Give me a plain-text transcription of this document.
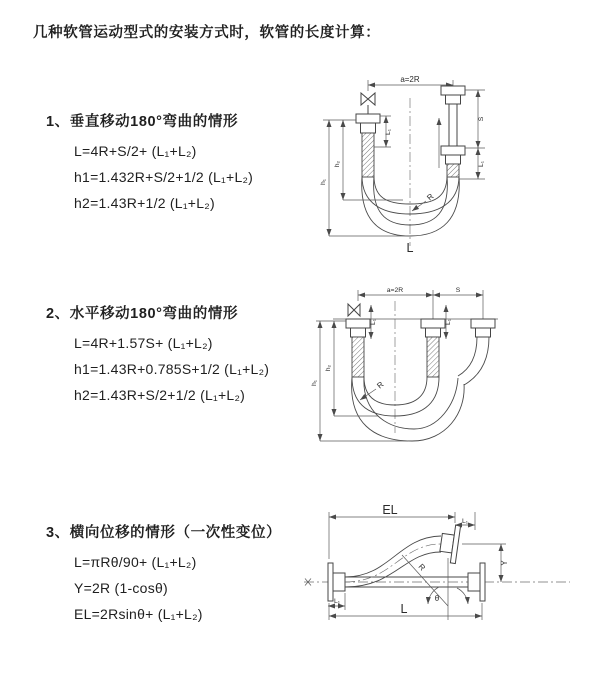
几种软管运动型式的安装方式时，软管的长度计算：
1、垂直移动180°弯曲的情形
L=4R+S/2+ (L₁+L₂)
h1=1.432R+S/2+1/2 (L₁+L₂)
h2=1.43R+1/2 (L₁+L₂)
2、水平移动180°弯曲的情形
L=4R+1.57S+ (L₁+L₂)
h1=1.43R+0.785S+1/2 (L₁+L₂)
h2=1.43R+S/2+1/2 (L₁+L₂)
3、横向位移的情形（一次性变位）
L=πRθ/90+ (L₁+L₂)
Y=2R (1-cosθ)
EL=2Rsinθ+ (L₁+L₂)
a=2R
L₁
R
h₂
h₁
S
L₁
L
a=2R	S
L₁	L₁
R
h₂
h₁
θ
R
EL
L₁
Y
L
L₁
